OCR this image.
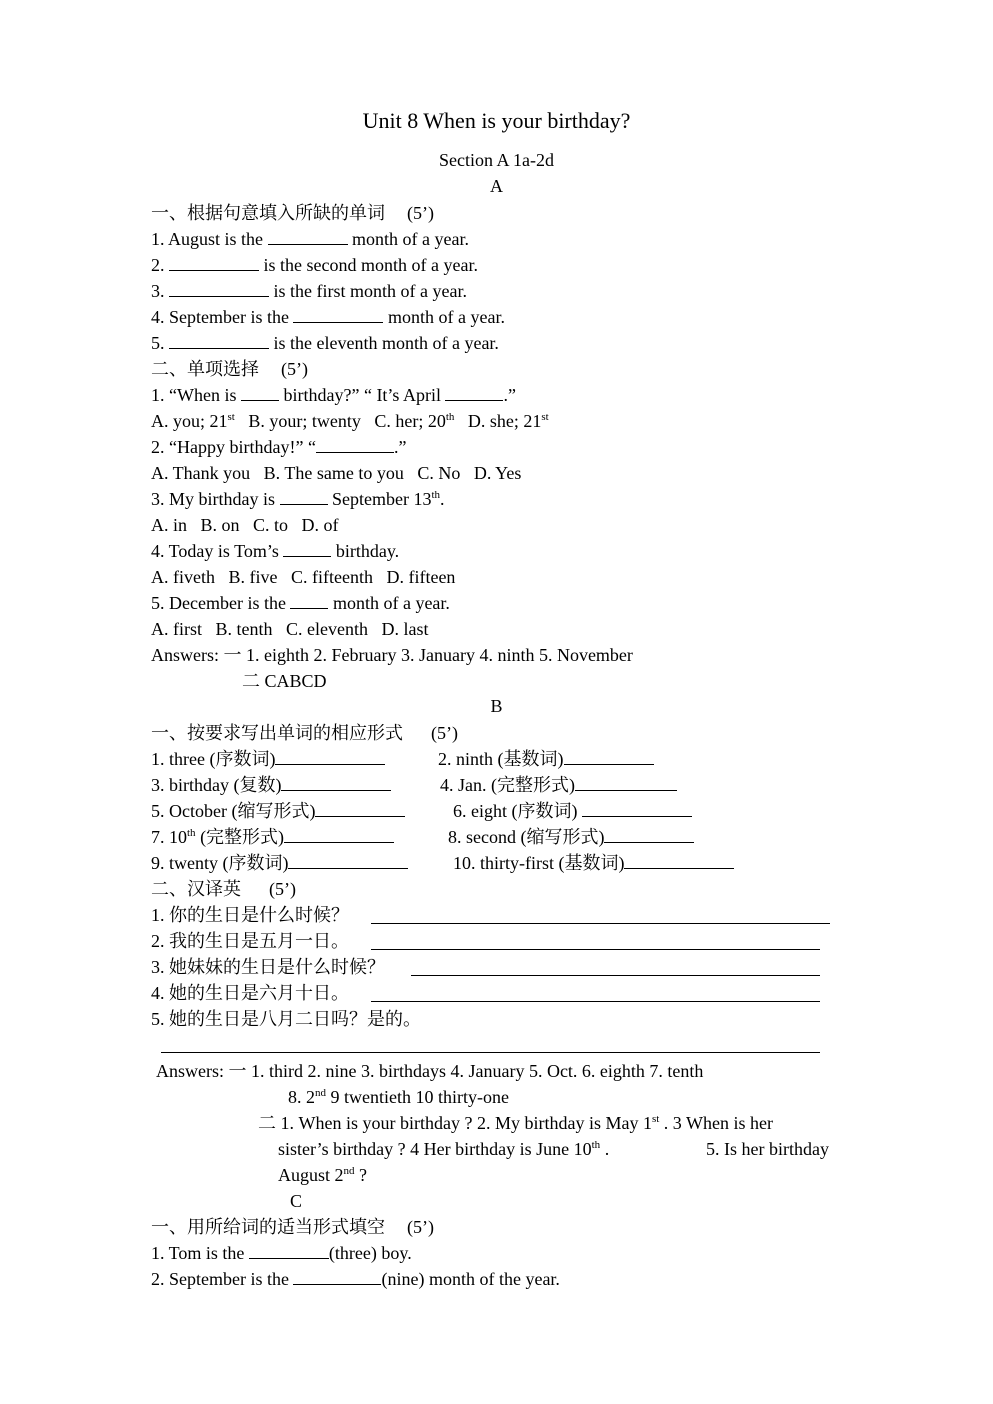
Unit 8 When is your birthday?
Section A 1a-2d
A
一、根据句意填入所缺的单词 (5’)
1. August is the	month of a year.
2.	is the second month of a year.
3.	is the first month of a year.
4. September is the	month of a year.
5.	is the eleventh month of a year.
二、单项选择 (5’)
1. “When is	birthday?” “ It’s April	.”
A. you; 21st B. your; twenty C. her; 20th D. she; 21st
2. “Happy birthday!” “	.”
A. Thank you B. The same to you C. No D. Yes
3. My birthday is	September 13th.
A. in B. on C. to D. of
4. Today is Tom’s	birthday.
A. fiveth B. five C. fifteenth D. fifteen
5. December is the	month of a year.
A. first B. tenth C. eleventh D. last
Answers: 一 1. eighth 2. February 3. January 4. ninth 5. November
二 CABCD
B
一、按要求写出单词的相应形式 (5’)
1. three (序数词)	2. ninth (基数词)
3. birthday (复数)	4. Jan. (完整形式)
5. October (缩写形式)	6. eight (序数词)
7. 10th (完整形式)	8. second (缩写形式)
9. twenty (序数词)	10. thirty-first (基数词)
二、汉译英 (5’)
1. 你的生日是什么时候？
2. 我的生日是五月一日。
3. 她妹妹的生日是什么时候？
4. 她的生日是六月十日。
5. 她的生日是八月二日吗？是的。
Answers: 一 1. third 2. nine 3. birthdays 4. January 5. Oct. 6. eighth 7. tenth
8. 2nd 9 twentieth 10 thirty-one
二 1. When is your birthday ? 2. My birthday is May 1st . 3 When is her
sister’s birthday ? 4 Her birthday is June 10th .	5. Is her birthday
August 2nd ?
C
一、用所给词的适当形式填空 (5’)
1. Tom is the	(three) boy.
2. September is the	(nine) month of the year.
